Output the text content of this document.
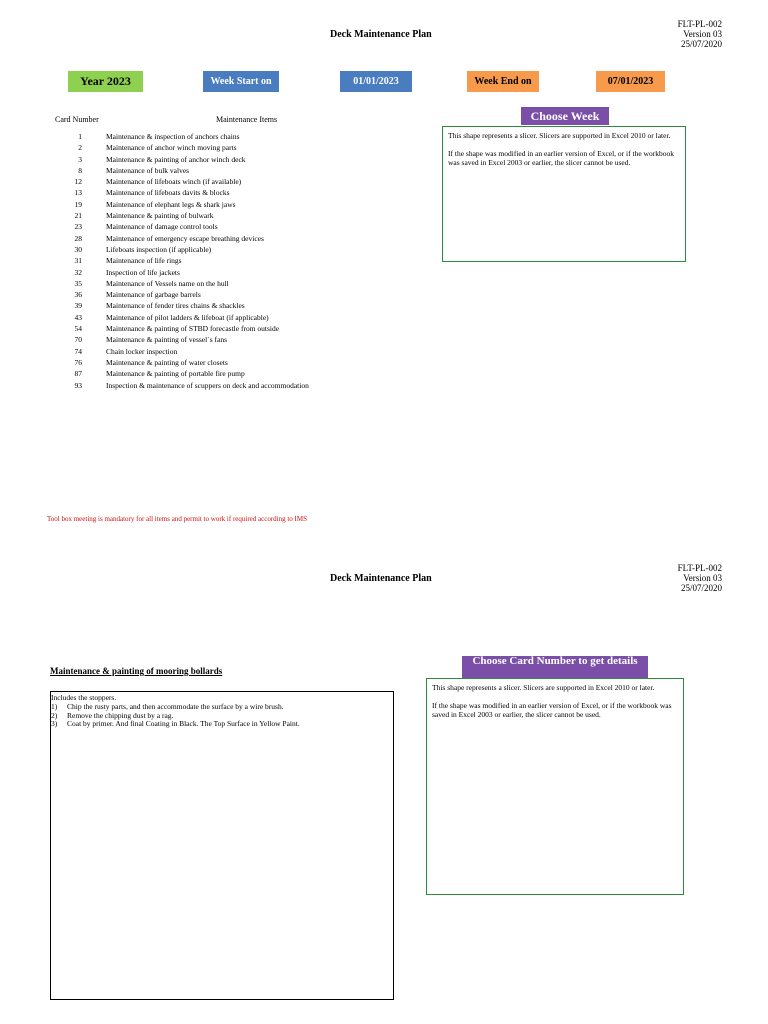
Deck Maintenance Plan
FLT-PL-002
Version 03
25/07/2020
Year 2023	Week Start on	01/01/2023	Week End on	07/01/2023
Card Number	Maintenance Items
1	Maintenance & inspection of anchors chains
2	Maintenance of anchor winch moving parts
3	Maintenance & painting of anchor winch deck
8	Maintenance of bulk valves
12	Maintenance of lifeboats winch (if available)
13	Maintenance of lifeboats davits & blocks
19	Maintenance of elephant legs & shark jaws
21	Maintenance & painting of bulwark
23	Maintenance of damage control tools
28	Maintenance of emergency escape breathing devices
30	Lifeboats inspection (if applicable)
31	Maintenance of life rings
32	Inspection of life jackets
35	Maintenance of Vessels name on the hull
36	Maintenance of garbage barrels
39	Maintenance of fender tires chains & shackles
43	Maintenance of pilot ladders & lifeboat (if applicable)
54	Maintenance & painting of STBD forecastle from outside
70	Maintenance & painting of vessel`s fans
74	Chain locker inspection
76	Maintenance & painting of water closets
87	Maintenance & painting of portable fire pump
93	Inspection & maintenance of scuppers on deck and accommodation
Choose Week

This shape represents a slicer. Slicers are supported in Excel 2010 or later.

If the shape was modified in an earlier version of Excel, or if the workbook was saved in Excel 2003 or earlier, the slicer cannot be used.

Tool box meeting is mandatory for all items and permit to work if required according to IMS
Deck Maintenance Plan
FLT-PL-002
Version 03
25/07/2020
Maintenance & painting of mooring bollards
Includes the stoppers.
1)	Chip the rusty parts, and then accommodate the surface by a wire brush.
2)	Remove the chipping dust by a rag.
3)	Coat by primer. And final Coating in Black. The Top Surface in Yellow Paint.
Choose Card Number to get details

This shape represents a slicer. Slicers are supported in Excel 2010 or later.

If the shape was modified in an earlier version of Excel, or if the workbook was saved in Excel 2003 or earlier, the slicer cannot be used.
